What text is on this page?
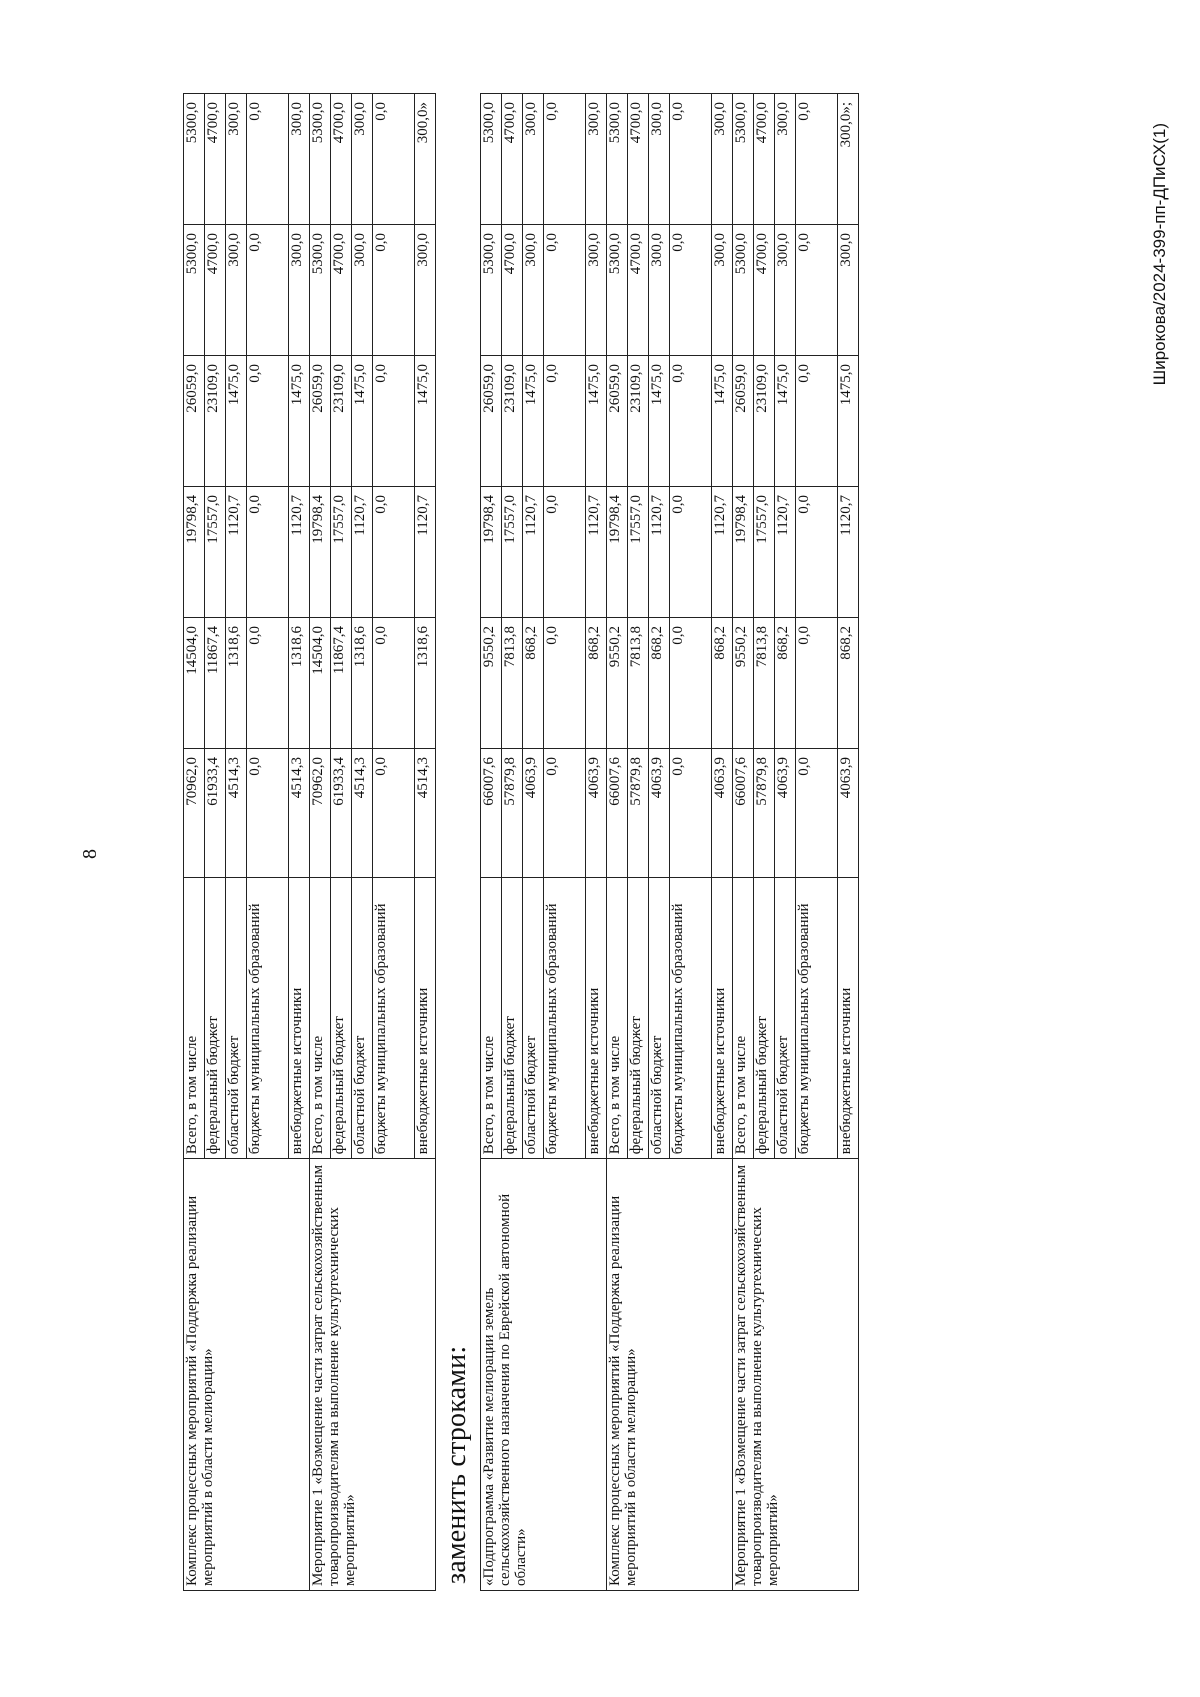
8
Комплекс процессных мероприятий «Поддержка реализации мероприятий в области мелиорации»	Всего, в том числе	70962,0	14504,0	19798,4	26059,0	5300,0	5300,0
	федеральный бюджет	61933,4	11867,4	17557,0	23109,0	4700,0	4700,0
	областной бюджет	4514,3	1318,6	1120,7	1475,0	300,0	300,0
	бюджеты муниципальных образований	0,0	0,0	0,0	0,0	0,0	0,0
	внебюджетные источники	4514,3	1318,6	1120,7	1475,0	300,0	300,0
Мероприятие 1 «Возмещение части затрат сельскохозяйственным товаропроизводителям на выполнение культуртехнических мероприятий»	Всего, в том числе	70962,0	14504,0	19798,4	26059,0	5300,0	5300,0
	федеральный бюджет	61933,4	11867,4	17557,0	23109,0	4700,0	4700,0
	областной бюджет	4514,3	1318,6	1120,7	1475,0	300,0	300,0
	бюджеты муниципальных образований	0,0	0,0	0,0	0,0	0,0	0,0
	внебюджетные источники	4514,3	1318,6	1120,7	1475,0	300,0	300,0»
заменить строками: «Подпрограмма «Развитие мелиорации земель сельскохозяйственного назначения по Еврейской автономной области»	Всего, в том числе	66007,6	9550,2	19798,4	26059,0	5300,0	5300,0
	федеральный бюджет	57879,8	7813,8	17557,0	23109,0	4700,0	4700,0
	областной бюджет	4063,9	868,2	1120,7	1475,0	300,0	300,0
	бюджеты муниципальных образований	0,0	0,0	0,0	0,0	0,0	0,0
	внебюджетные источники	4063,9	868,2	1120,7	1475,0	300,0	300,0
Комплекс процессных мероприятий «Поддержка реализации мероприятий в области мелиорации»	Всего, в том числе	66007,6	9550,2	19798,4	26059,0	5300,0	5300,0
	федеральный бюджет	57879,8	7813,8	17557,0	23109,0	4700,0	4700,0
	областной бюджет	4063,9	868,2	1120,7	1475,0	300,0	300,0
	бюджеты муниципальных образований	0,0	0,0	0,0	0,0	0,0	0,0
	внебюджетные источники	4063,9	868,2	1120,7	1475,0	300,0	300,0
Мероприятие 1 «Возмещение части затрат сельскохозяйственным товаропроизводителям на выполнение культуртехнических мероприятий»	Всего, в том числе	66007,6	9550,2	19798,4	26059,0	5300,0	5300,0
	федеральный бюджет	57879,8	7813,8	17557,0	23109,0	4700,0	4700,0
	областной бюджет	4063,9	868,2	1120,7	1475,0	300,0	300,0
	бюджеты муниципальных образований	0,0	0,0	0,0	0,0	0,0	0,0
	внебюджетные источники	4063,9	868,2	1120,7	1475,0	300,0	300,0»;	Широкова/2024-399-пп-ДПиСХ(1)
